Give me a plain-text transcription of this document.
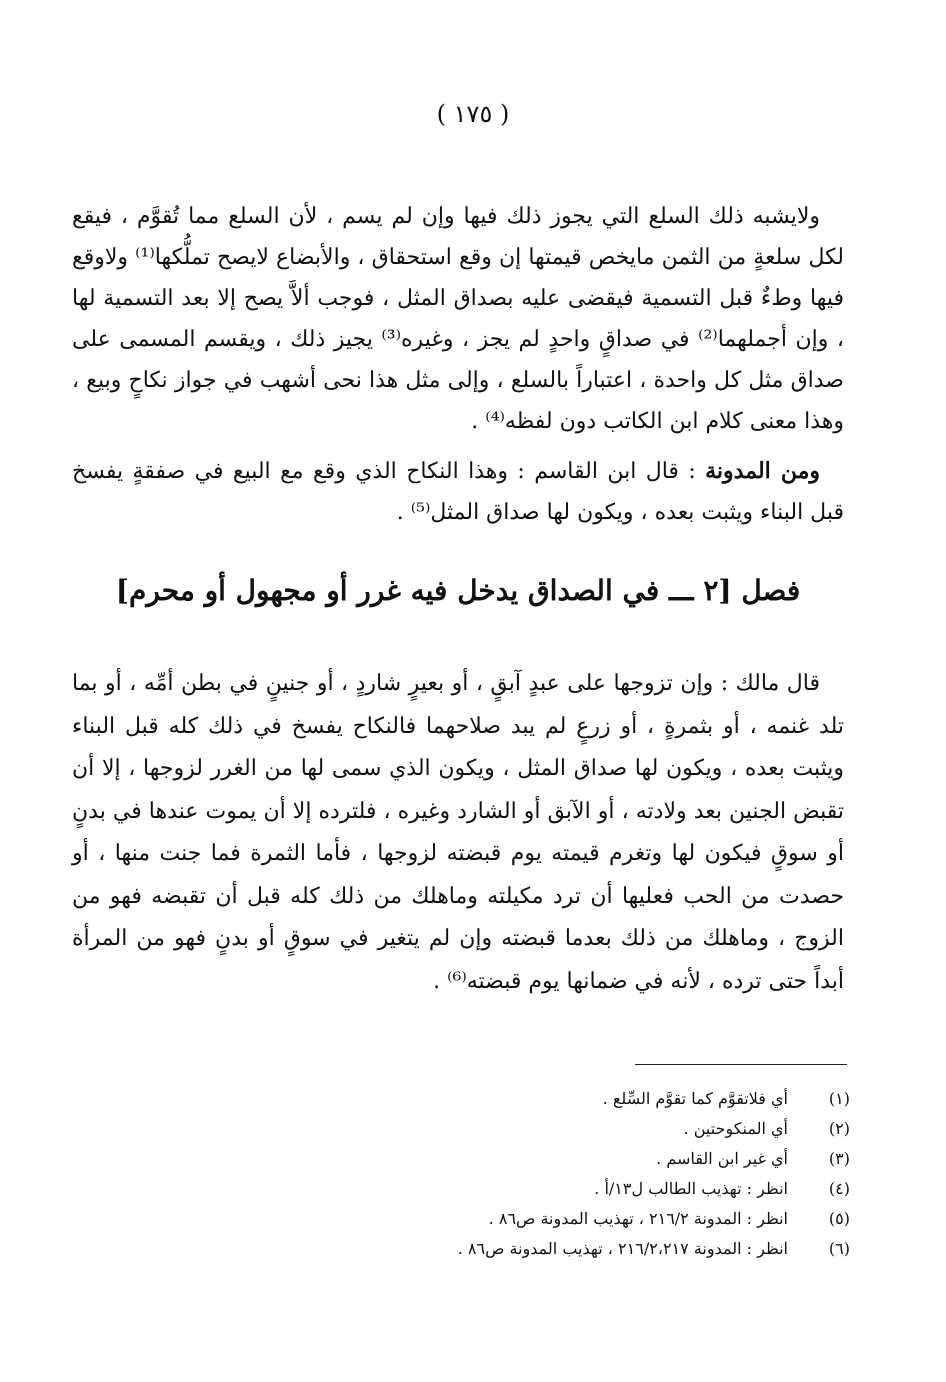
( ١٧٥ )

ولايشبه ذلك السلع التي يجوز ذلك فيها وإن لم يسم ، لأن السلع مما تُقوَّم ، فيقع لكل سلعةٍ من الثمن مايخص قيمتها إن وقع استحقاق ، والأبضاع لايصح تملُّكها⁽¹⁾ ولاوقع فيها وطءٌ قبل التسمية فيقضى عليه بصداق المثل ، فوجب ألاَّ يصح إلا بعد التسمية لها ، وإن أجملهما⁽²⁾ في صداقٍ واحدٍ لم يجز ، وغيره⁽³⁾ يجيز ذلك ، ويقسم المسمى على صداق مثل كل واحدة ، اعتباراً بالسلع ، وإلى مثل هذا نحى أشهب في جواز نكاحٍ وبيع ، وهذا معنى كلام ابن الكاتب دون لفظه⁽⁴⁾ .

ومن المدونة : قال ابن القاسم : وهذا النكاح الذي وقع مع البيع في صفقةٍ يفسخ قبل البناء ويثبت بعده ، ويكون لها صداق المثل⁽⁵⁾ .

فصل [٢ ـــ في الصداق يدخل فيه غرر أو مجهول أو محرم]

قال مالك : وإن تزوجها على عبدٍ آبقٍ ، أو بعيرٍ شاردٍ ، أو جنينٍ في بطن أمِّه ، أو بما تلد غنمه ، أو بثمرةٍ ، أو زرعٍ لم يبد صلاحهما فالنكاح يفسخ في ذلك كله قبل البناء ويثبت بعده ، ويكون لها صداق المثل ، ويكون الذي سمى لها من الغرر لزوجها ، إلا أن تقبض الجنين بعد ولادته ، أو الآبق أو الشارد وغيره ، فلترده إلا أن يموت عندها في بدنٍ أو سوقٍ فيكون لها وتغرم قيمته يوم قبضته لزوجها ، فأما الثمرة فما جنت منها ، أو حصدت من الحب فعليها أن ترد مكيلته وماهلك من ذلك كله قبل أن تقبضه فهو من الزوج ، وماهلك من ذلك بعدما قبضته وإن لم يتغير في سوقٍ أو بدنٍ فهو من المرأة أبداً حتى ترده ، لأنه في ضمانها يوم قبضته⁽⁶⁾ .

(١)
أي فلاتقوَّم كما تقوَّم السِّلع .
(٢)
أي المنكوحتين .
(٣)
أي غير ابن القاسم .
(٤)
انظر : تهذيب الطالب ل١٣/أ .
(٥)
انظر : المدونة ٢١٦/٢ ، تهذيب المدونة ص٨٦ .
(٦)
انظر : المدونة ٢١٦/٢،٢١٧ ، تهذيب المدونة ص٨٦ .
